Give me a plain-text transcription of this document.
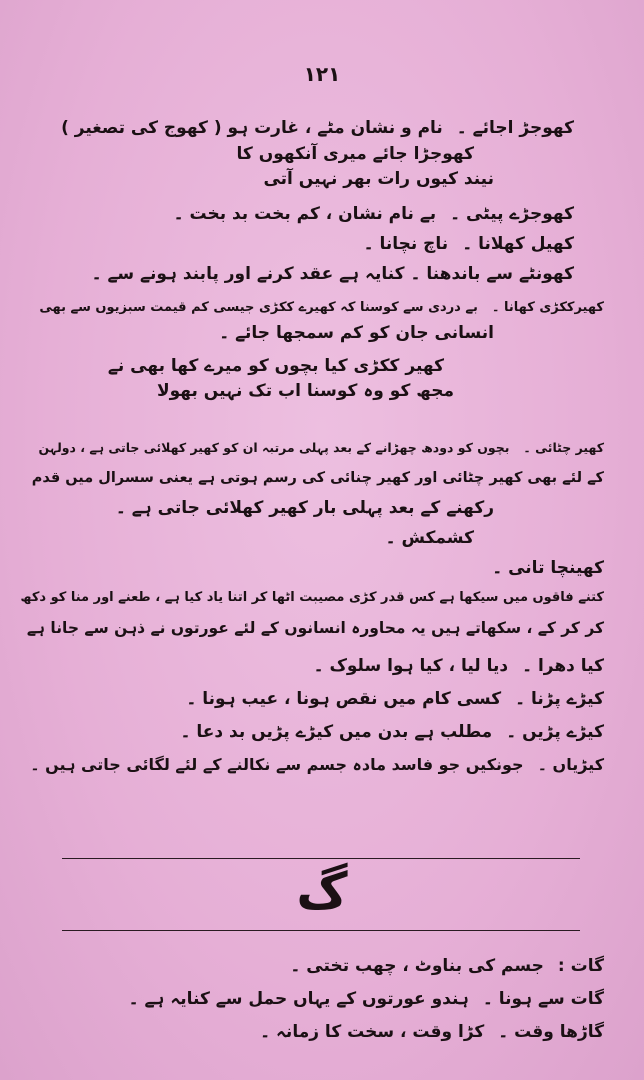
۱۲۱
کھوجڑ اجائے ۔نام و نشان مٹے ، غارت ہو ( کھوج کی تصغیر )
کھوجڑا جائے میری آنکھوں کا
نیند کیوں رات بھر نہیں آتی
کھوجڑے پیٹی ۔بے نام نشان ، کم بخت بد بخت ۔
کھیل کھلانا ۔ناچ نچانا ۔
کھونٹے سے باندھنا ۔ کنایہ ہے عقد کرنے اور پابند ہونے سے ۔
کھیرککڑی کھانا ۔بے دردی سے کوسنا کہ کھیرے ککڑی جیسی کم قیمت سبزیوں سے بھی
انسانی جان کو کم سمجھا جائے ۔
کھیر ککڑی کیا بچوں کو میرے کھا بھی نے
مجھ کو وہ کوسنا اب تک نہیں بھولا
کھیر چٹائی ۔بچوں کو دودھ چھڑانے کے بعد پہلی مرتبہ ان کو کھیر کھلائی جاتی ہے ، دولہن
کے لئے بھی کھیر چٹائی اور کھیر چنائی کی رسم ہوتی ہے یعنی سسرال میں قدم
رکھنے کے بعد پہلی بار کھیر کھلائی جاتی ہے ۔
کشمکش ۔
کھینچا تانی ۔
کتنے فاقوں میں سیکھا ہے کس قدر کڑی مصیبت اٹھا کر اتنا یاد کیا ہے ، طعنے اور منا کو دکھ
کر کر کے ، سکھاتے ہیں یہ محاورہ انسانوں کے لئے عورتوں نے ذہن سے جانا ہے
کیا دھرا ۔دیا لیا ، کیا ہوا سلوک ۔
کیڑے پڑنا ۔کسی کام میں نقص ہونا ، عیب ہونا ۔
کیڑے پڑیں ۔مطلب ہے بدن میں کیڑے پڑیں بد دعا ۔
کیڑیاں ۔جونکیں جو فاسد مادہ جسم سے نکالنے کے لئے لگائی جاتی ہیں ۔
گ
گات :جسم کی بناوٹ ، چھب تختی ۔
گات سے ہونا ۔ہندو عورتوں کے یہاں حمل سے کنایہ ہے ۔
گاڑھا وقت ۔کڑا وقت ، سخت کا زمانہ ۔
